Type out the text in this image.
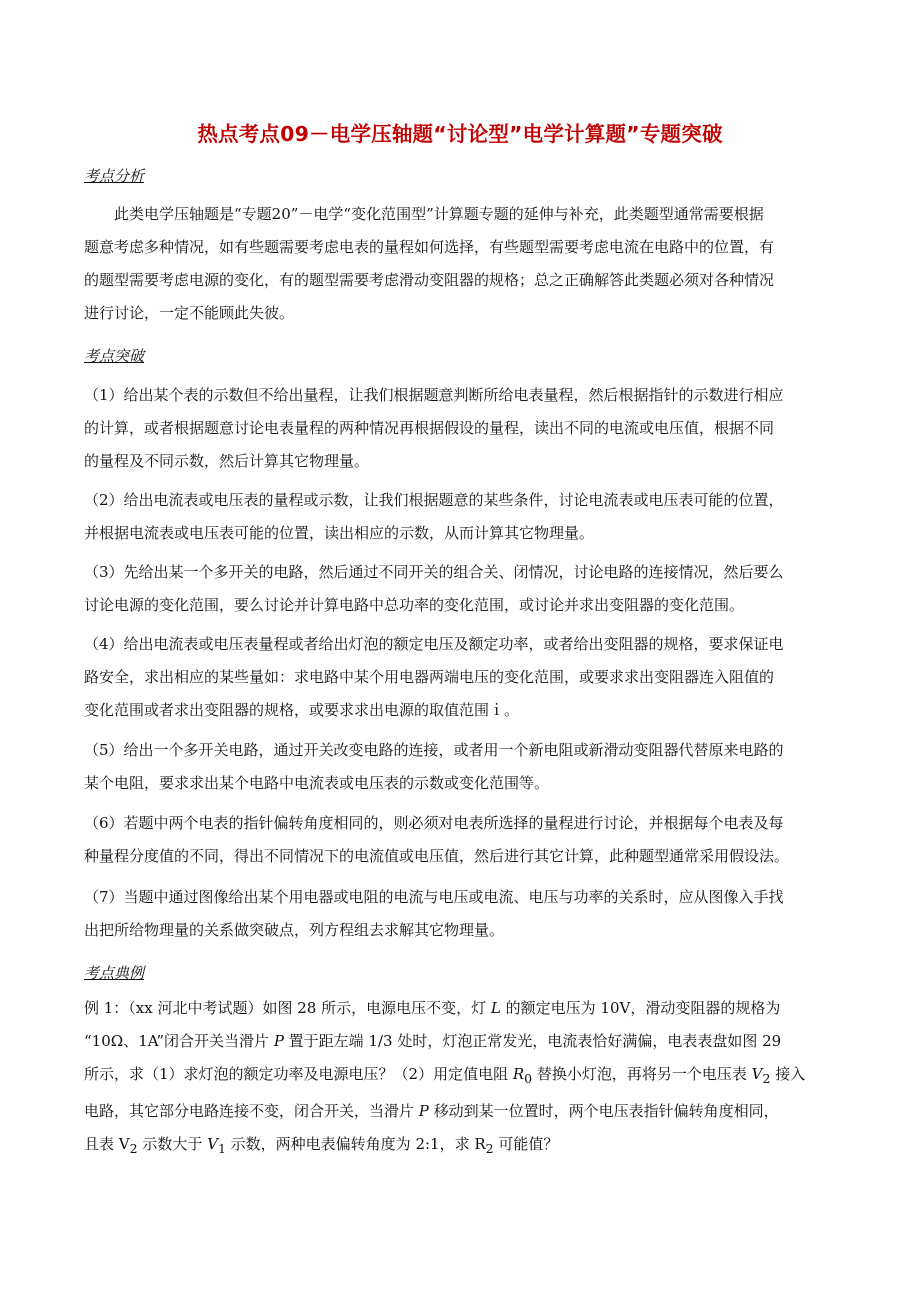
热点考点09－电学压轴题“讨论型”电学计算题”专题突破
考点分析
此类电学压轴题是“专题20”－电学“变化范围型”计算题专题的延伸与补充，此类题型通常需要根据
题意考虑多种情况，如有些题需要考虑电表的量程如何选择，有些题型需要考虑电流在电路中的位置，有
的题型需要考虑电源的变化，有的题型需要考虑滑动变阻器的规格；总之正确解答此类题必须对各种情况
进行讨论，一定不能顾此失彼。
考点突破
（1）给出某个表的示数但不给出量程，让我们根据题意判断所给电表量程，然后根据指针的示数进行相应
的计算，或者根据题意讨论电表量程的两种情况再根据假设的量程，读出不同的电流或电压值，根据不同
的量程及不同示数，然后计算其它物理量。
（2）给出电流表或电压表的量程或示数，让我们根据题意的某些条件，讨论电流表或电压表可能的位置，
并根据电流表或电压表可能的位置，读出相应的示数，从而计算其它物理量。
（3）先给出某一个多开关的电路，然后通过不同开关的组合关、闭情况，讨论电路的连接情况，然后要么
讨论电源的变化范围，要么讨论并计算电路中总功率的变化范围，或讨论并求出变阻器的变化范围。
（4）给出电流表或电压表量程或者给出灯泡的额定电压及额定功率，或者给出变阻器的规格，要求保证电
路安全，求出相应的某些量如：求电路中某个用电器两端电压的变化范围，或要求求出变阻器连入阻值的
变化范围或者求出变阻器的规格，或要求求出电源的取值范围ｉ。
（5）给出一个多开关电路，通过开关改变电路的连接，或者用一个新电阻或新滑动变阻器代替原来电路的
某个电阻，要求求出某个电路中电流表或电压表的示数或变化范围等。
（6）若题中两个电表的指针偏转角度相同的，则必须对电表所选择的量程进行讨论，并根据每个电表及每
种量程分度值的不同，得出不同情况下的电流值或电压值，然后进行其它计算，此种题型通常采用假设法。
（7）当题中通过图像给出某个用电器或电阻的电流与电压或电流、电压与功率的关系时，应从图像入手找
出把所给物理量的关系做突破点，列方程组去求解其它物理量。
考点典例
例 1：（xx 河北中考试题）如图 28 所示，电源电压不变，灯 L 的额定电压为 10V，滑动变阻器的规格为
“10Ω、1A”闭合开关当滑片 P 置于距左端 1/3 处时，灯泡正常发光，电流表恰好满偏，电表表盘如图 29
所示，求（1）求灯泡的额定功率及电源电压？（2）用定值电阻 $R_0$ 替换小灯泡，再将另一个电压表 $V_2$ 接入
电路，其它部分电路连接不变，闭合开关，当滑片 P 移动到某一位置时，两个电压表指针偏转角度相同，
且表 $V_2$ 示数大于 $V_1$ 示数，两种电表偏转角度为 2:1，求 $R_2$ 可能值？
